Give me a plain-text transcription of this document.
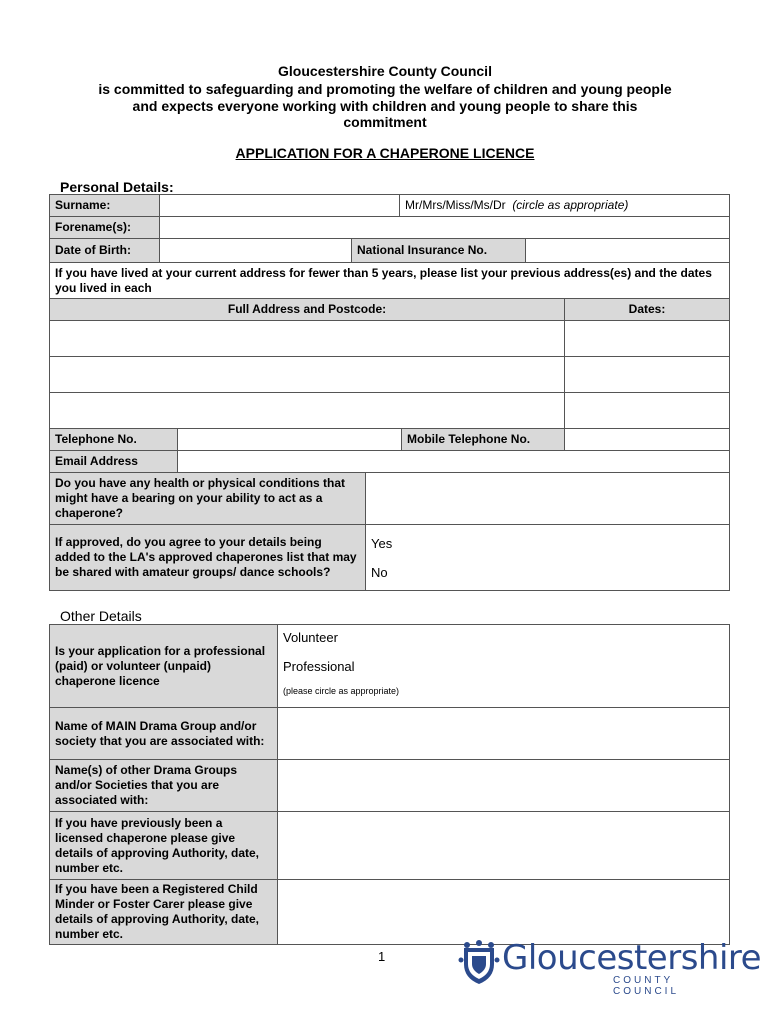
Gloucestershire County Council
is committed to safeguarding and promoting the welfare of children and young people
and expects everyone working with children and young people to share this
commitment
APPLICATION FOR A CHAPERONE LICENCE
Personal Details:
Surname:		Mr/Mrs/Miss/Ms/Dr (circle as appropriate)
Forename(s):		
Date of Birth:		National Insurance No.	
If you have lived at your current address for fewer than 5 years, please list your previous address(es) and the dates you lived in each
Full Address and Postcode:	Dates:

Telephone No.		Mobile Telephone No.	
Email Address			
Do you have any health or physical conditions that might have a bearing on your ability to act as a chaperone?	
If approved, do you agree to your details being added to the LA's approved chaperones list that may be shared with amateur groups/ dance schools?	Yes
No
Other Details
Is your application for a professional (paid) or volunteer (unpaid) chaperone licence	Volunteer
Professional
(please circle as appropriate)

Name of MAIN Drama Group and/or society that you are associated with:	
Name(s) of other Drama Groups and/or Societies that you are associated with:	
If you have previously been a licensed chaperone please give details of approving Authority, date, number etc.	
If you have been a Registered Child Minder or Foster Carer please give details of approving Authority, date, number etc.	
1	Gloucestershire
COUNTY COUNCIL
